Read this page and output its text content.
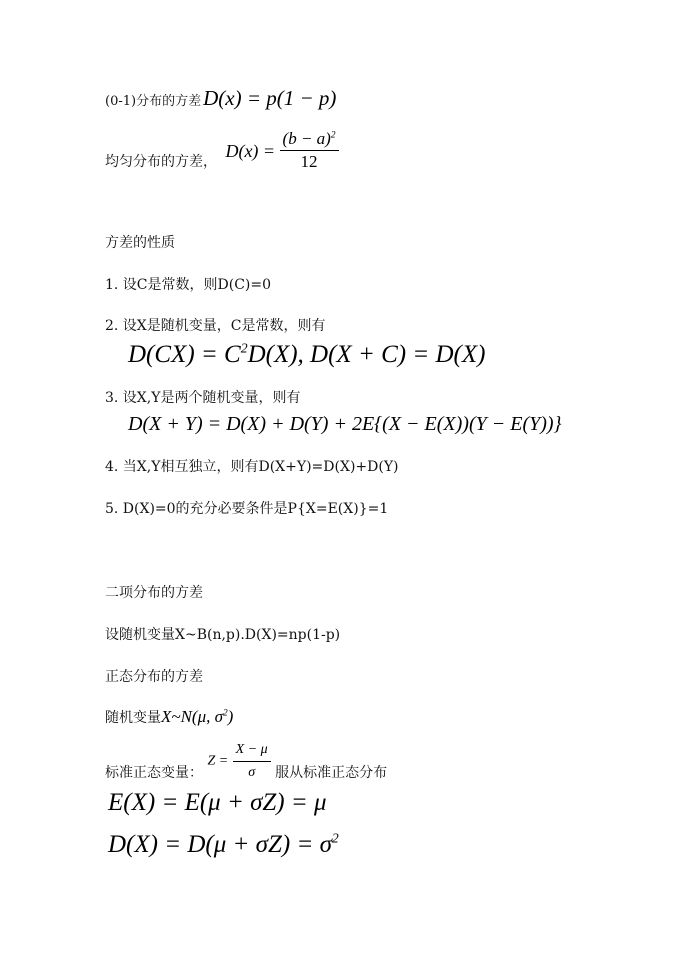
(0-1)分布的方差D(x) = p(1 − p)
均匀分布的方差， $D(x) = \frac{(b - a)^2}{12}$
方差的性质
1. 设C是常数，则D(C)=0
2. 设X是随机变量，C是常数，则有
$D(CX) = C^2D(X)$, D(X + C) = D(X)
3. 设X,Y是两个随机变量，则有
D(X + Y) = D(X) + D(Y) + 2E{(X − E(X))(Y − E(Y))}
4. 当X,Y相互独立，则有D(X+Y)=D(X)+D(Y)
5. D(X)=0的充分必要条件是P{X=E(X)}=1
二项分布的方差
设随机变量X~B(n,p).D(X)=np(1-p)
正态分布的方差
随机变量X~N(μ, $\sigma^2$)
标准正态变量： $Z = \frac{X - \mu}{\sigma}$ 服从标准正态分布
E(X) = E(μ + σZ) = μ
$D(X) = D(\mu + \sigma Z) = \sigma^2$
